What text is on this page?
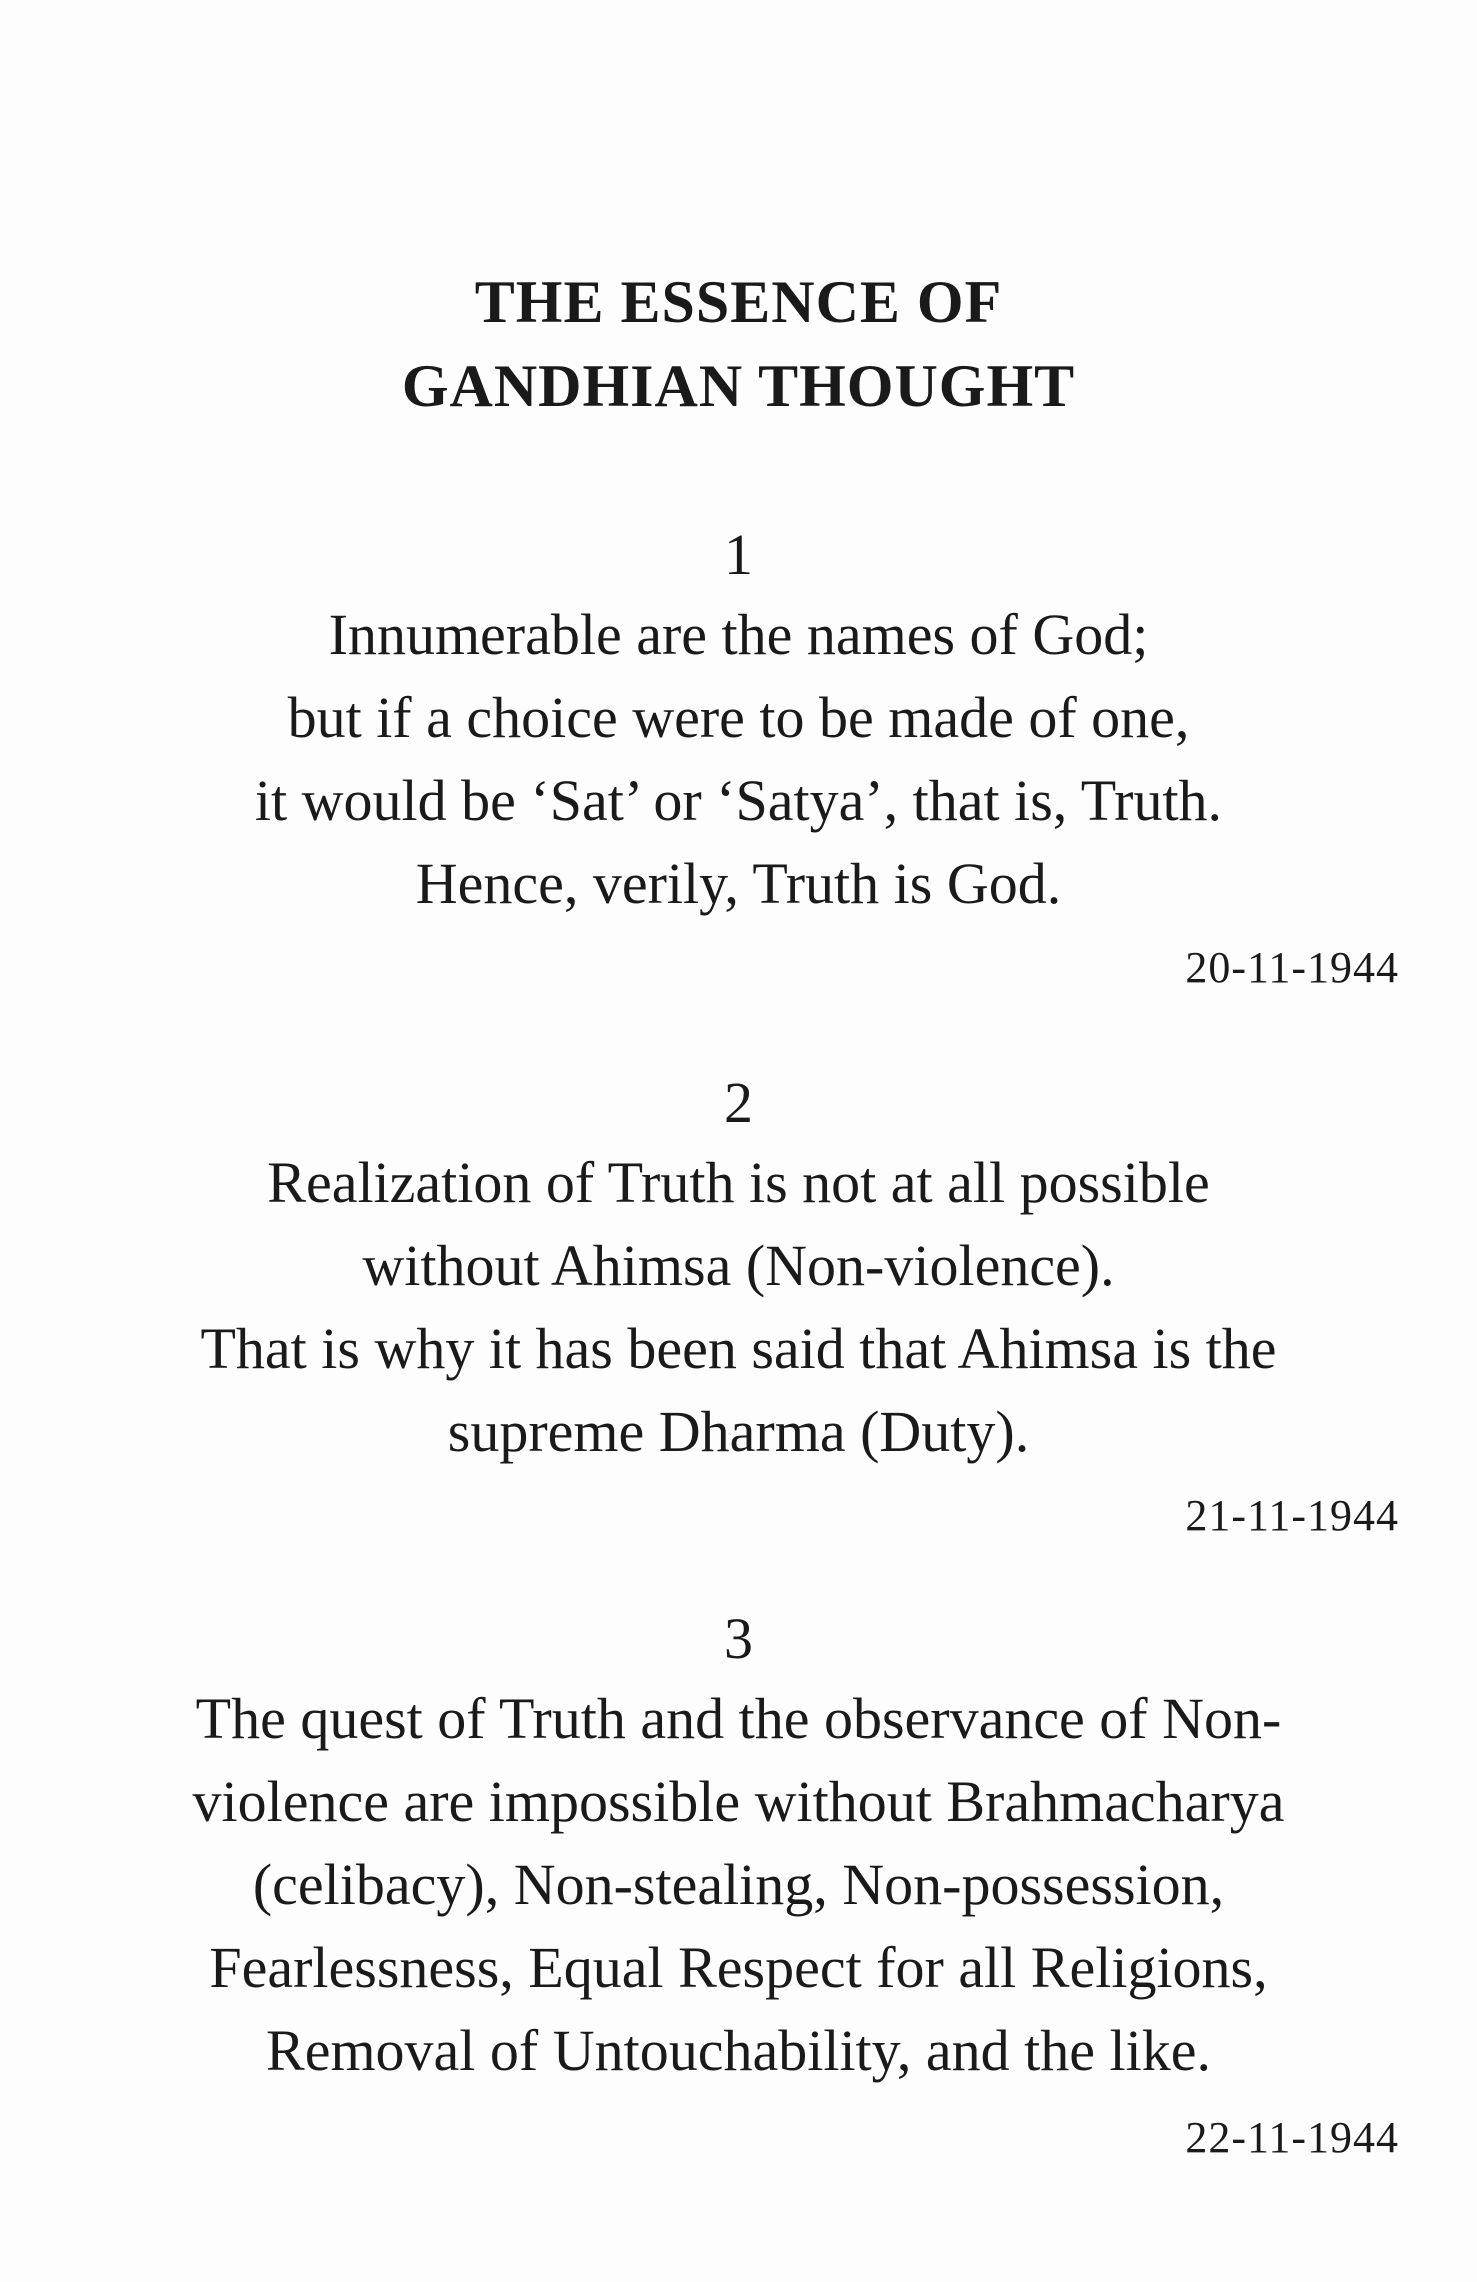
THE ESSENCE OF
GANDHIAN THOUGHT
1
Innumerable are the names of God;
but if a choice were to be made of one,
it would be ‘Sat’ or ‘Satya’, that is, Truth.
Hence, verily, Truth is God.
20-11-1944
2
Realization of Truth is not at all possible
without Ahimsa (Non-violence).
That is why it has been said that Ahimsa is the
supreme Dharma (Duty).
21-11-1944
3
The quest of Truth and the observance of Non-
violence are impossible without Brahmacharya
(celibacy), Non-stealing, Non-possession,
Fearlessness, Equal Respect for all Religions,
Removal of Untouchability, and the like.
22-11-1944
